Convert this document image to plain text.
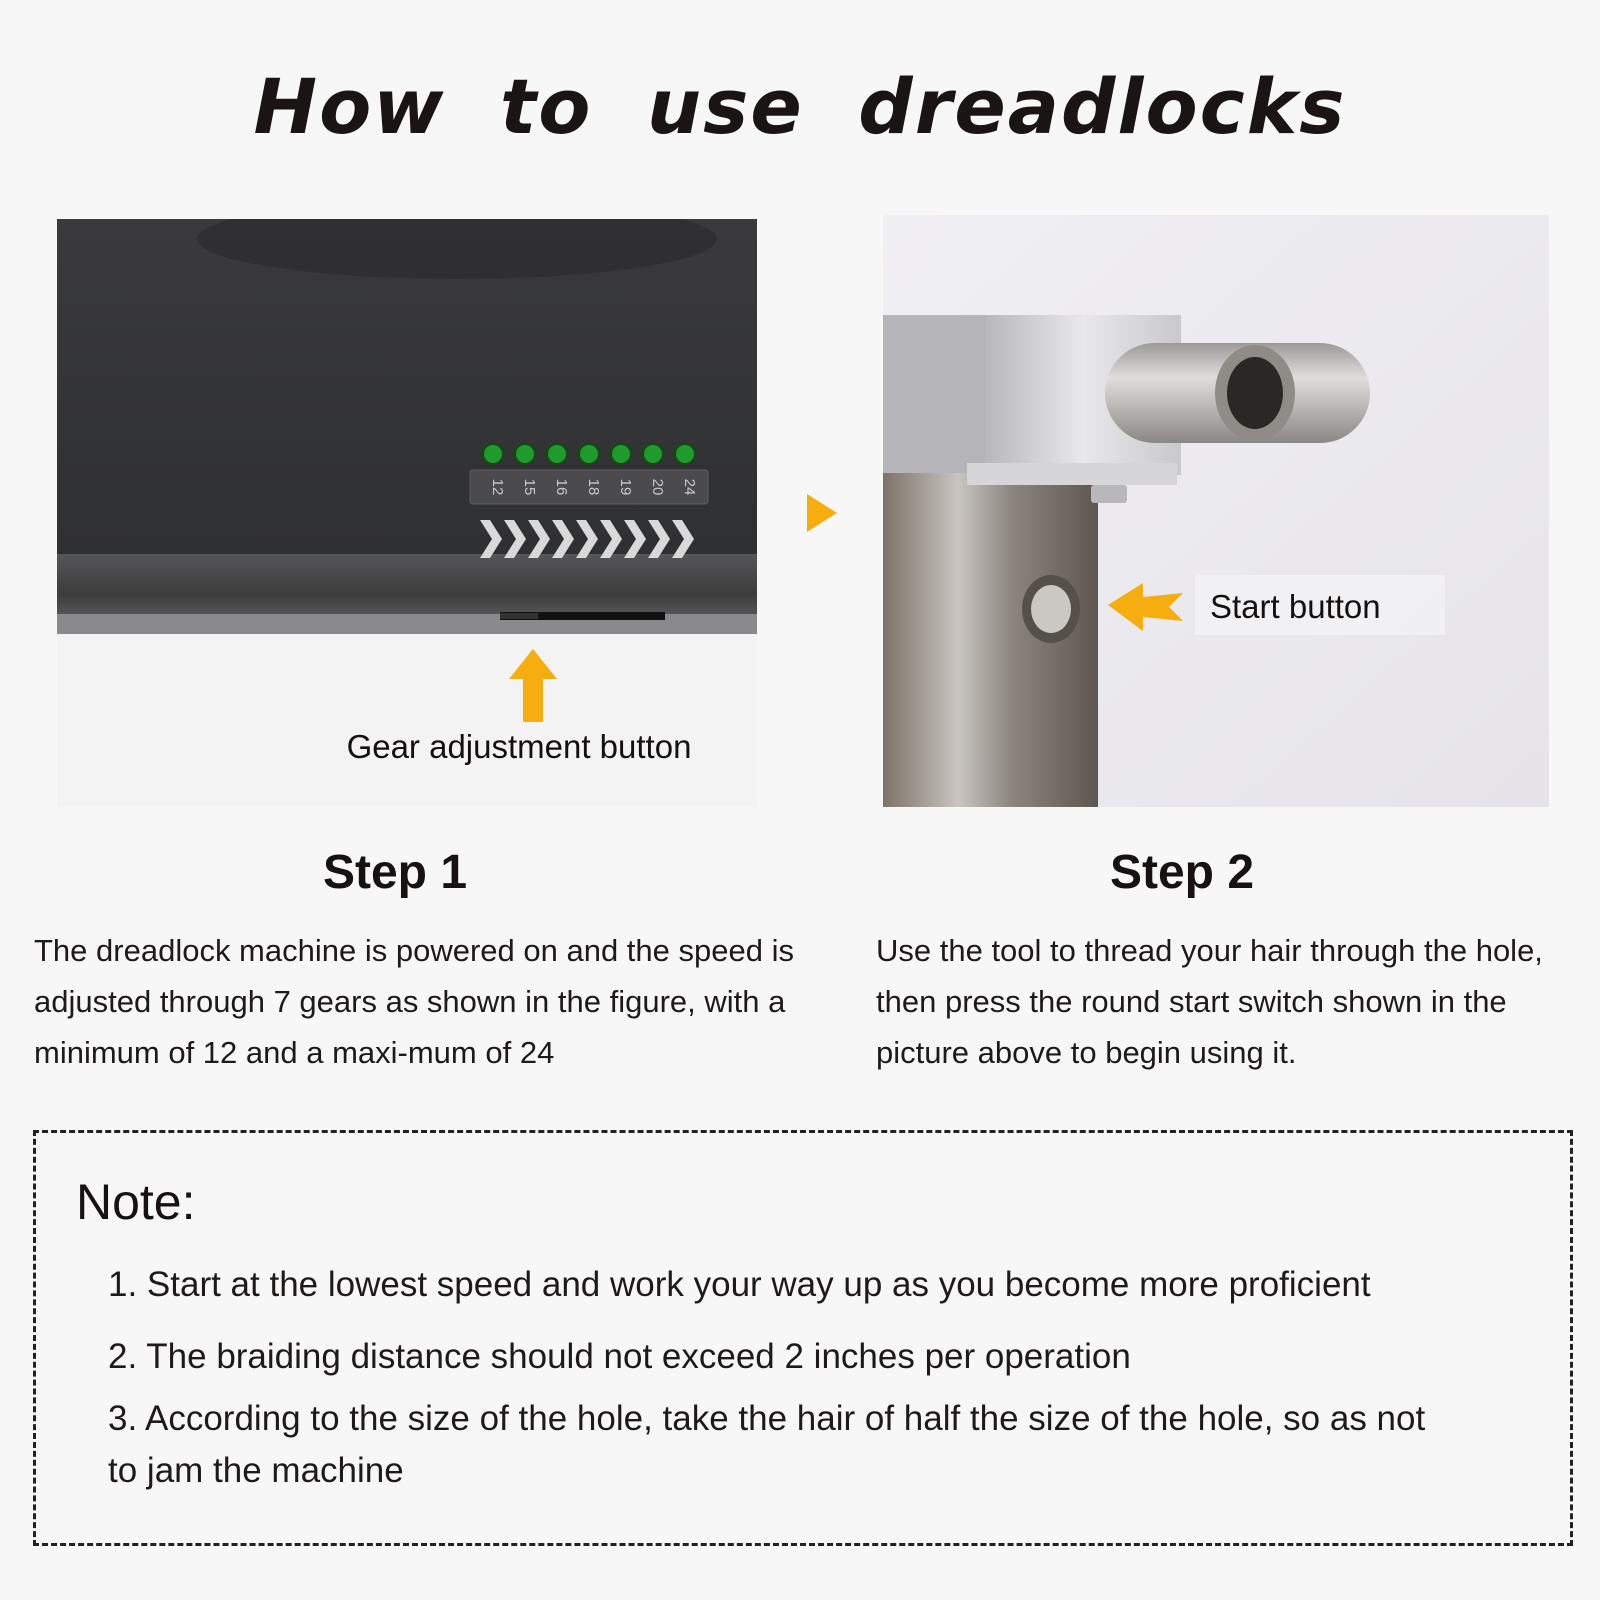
How to use dreadlocks
12 15 16 18 19 20 24
Gear adjustment button
Start button
Step 1	Step 2
The dreadlock machine is powered on and the speed is adjusted through 7 gears as shown in the figure, with a minimum of 12 and a maxi-mum of 24
Use the tool to thread your hair through the hole, then press the round start switch shown in the picture above to begin using it.
Note:
1. Start at the lowest speed and work your way up as you become more proficient
2. The braiding distance should not exceed 2 inches per operation
3. According to the size of the hole, take the hair of half the size of the hole, so as not to jam the machine
